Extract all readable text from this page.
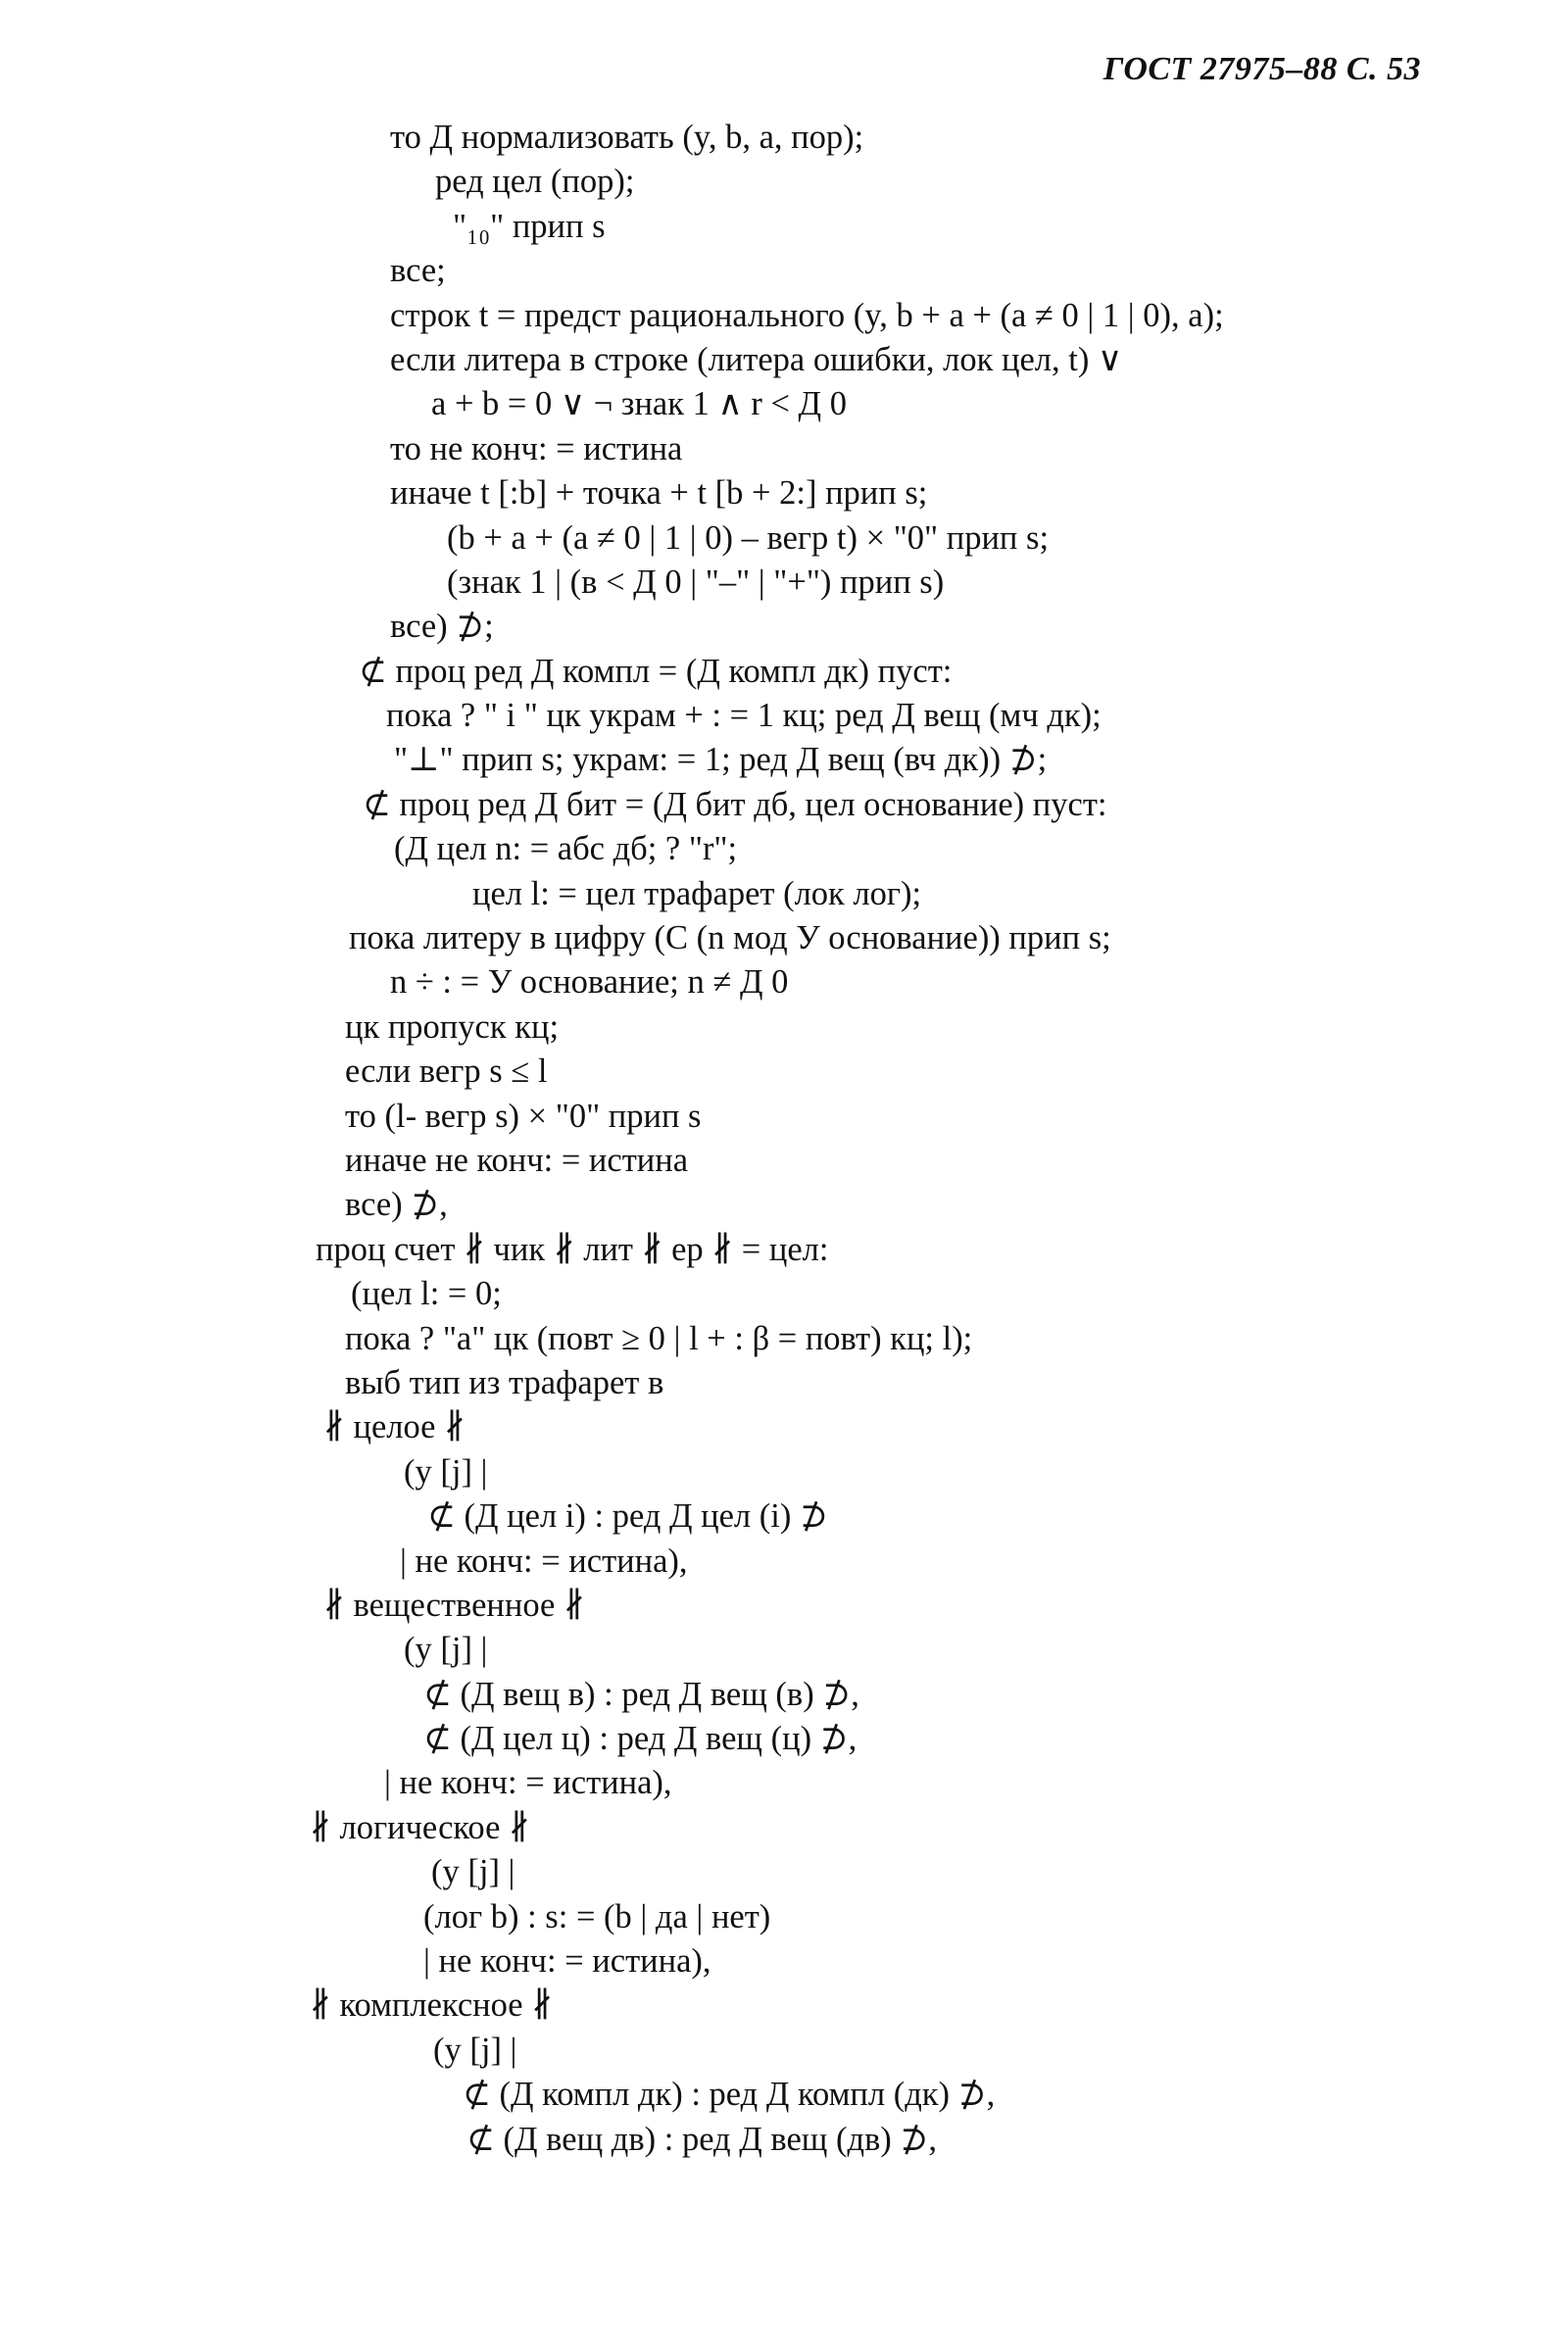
ГОСТ 27975–88 С. 53
то Д нормализовать (y, b, a, пор);
ред цел (пор);
"₁₀" прип s
все;
строк t = предст рационального (y, b + a + (a ≠ 0 | 1 | 0), a);
если литера в строке (литера ошибки, лок цел, t) ∨
a + b = 0 ∨ ¬ знак 1 ∧ r < Д 0
то не конч: = истина
иначе t [:b] + точка + t [b + 2:] прип s;
(b + a + (a ≠ 0 | 1 | 0) – вегр t) × "0" прип s;
(знак 1 | (в < Д 0 | "–" | "+") прип s)
все) ⊅;
⊄ проц ред Д компл = (Д компл дк) пуст:
пока ? " i " цк украм + : = 1 кц; ред Д вещ (мч дк);
"⊥" прип s; украм: = 1; ред Д вещ (вч дк)) ⊅;
⊄ проц ред Д бит = (Д бит дб, цел основание) пуст:
(Д цел n: = абс дб; ? "r";
цел l: = цел трафарет (лок лог);
пока литеру в цифру (С (n мод У основание)) прип s;
n ÷ : = У основание; n ≠ Д 0
цк пропуск кц;
если вегр s ≤ l
то (l- вегр s) × "0" прип s
иначе не конч: = истина
все) ⊅,
проц счет ∦ чик ∦ лит ∦ ер ∦ = цел:
(цел l: = 0;
пока ? "а" цк (повт ≥ 0 | l + : β = повт) кц; l);
выб тип из трафарет в
∦ целое ∦
(y [j] |
⊄ (Д цел i) : ред Д цел (i) ⊅
| не конч: = истина),
∦ вещественное ∦
(y [j] |
⊄ (Д вещ в) : ред Д вещ (в) ⊅,
⊄ (Д цел ц) : ред Д вещ (ц) ⊅,
| не конч: = истина),
∦ логическое ∦
(y [j] |
(лог b) : s: = (b | да | нет)
| не конч: = истина),
∦ комплексное ∦
(y [j] |
⊄ (Д компл дк) : ред Д компл (дк) ⊅,
⊄ (Д вещ дв) : ред Д вещ (дв) ⊅,
